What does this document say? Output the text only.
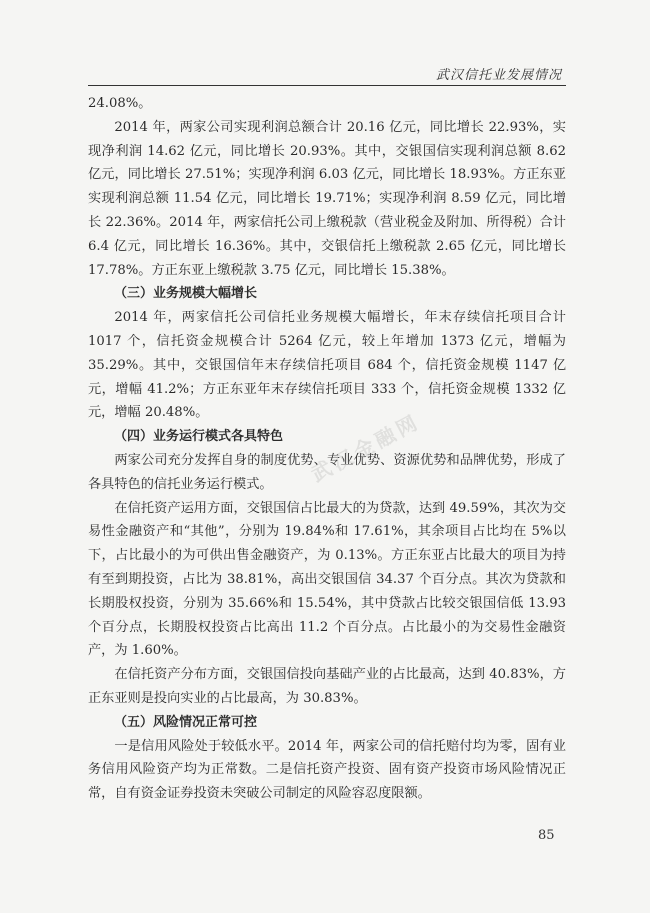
武汉信托业发展情况

24.08%。

2014 年，两家公司实现利润总额合计 20.16 亿元，同比增长 22.93%，实现净利润 14.62 亿元，同比增长 20.93%。其中，交银国信实现利润总额 8.62 亿元，同比增长 27.51%；实现净利润 6.03 亿元，同比增长 18.93%。方正东亚实现利润总额 11.54 亿元，同比增长 19.71%；实现净利润 8.59 亿元，同比增长 22.36%。2014 年，两家信托公司上缴税款（营业税金及附加、所得税）合计 6.4 亿元，同比增长 16.36%。其中，交银信托上缴税款 2.65 亿元，同比增长 17.78%。方正东亚上缴税款 3.75 亿元，同比增长 15.38%。

（三）业务规模大幅增长

2014 年，两家信托公司信托业务规模大幅增长，年末存续信托项目合计 1017 个，信托资金规模合计 5264 亿元，较上年增加 1373 亿元，增幅为 35.29%。其中，交银国信年末存续信托项目 684 个，信托资金规模 1147 亿元，增幅 41.2%；方正东亚年末存续信托项目 333 个，信托资金规模 1332 亿元，增幅 20.48%。

（四）业务运行模式各具特色

两家公司充分发挥自身的制度优势、专业优势、资源优势和品牌优势，形成了各具特色的信托业务运行模式。

在信托资产运用方面，交银国信占比最大的为贷款，达到 49.59%，其次为交易性金融资产和“其他”，分别为 19.84%和 17.61%，其余项目占比均在 5%以下，占比最小的为可供出售金融资产，为 0.13%。方正东亚占比最大的项目为持有至到期投资，占比为 38.81%，高出交银国信 34.37 个百分点。其次为贷款和长期股权投资，分别为 35.66%和 15.54%，其中贷款占比较交银国信低 13.93 个百分点，长期股权投资占比高出 11.2 个百分点。占比最小的为交易性金融资产，为 1.60%。

在信托资产分布方面，交银国信投向基础产业的占比最高，达到 40.83%，方正东亚则是投向实业的占比最高，为 30.83%。

（五）风险情况正常可控

一是信用风险处于较低水平。2014 年，两家公司的信托赔付均为零，固有业务信用风险资产均为正常数。二是信托资产投资、固有资产投资市场风险情况正常，自有资金证券投资未突破公司制定的风险容忍度限额。

武汉金融网
85
